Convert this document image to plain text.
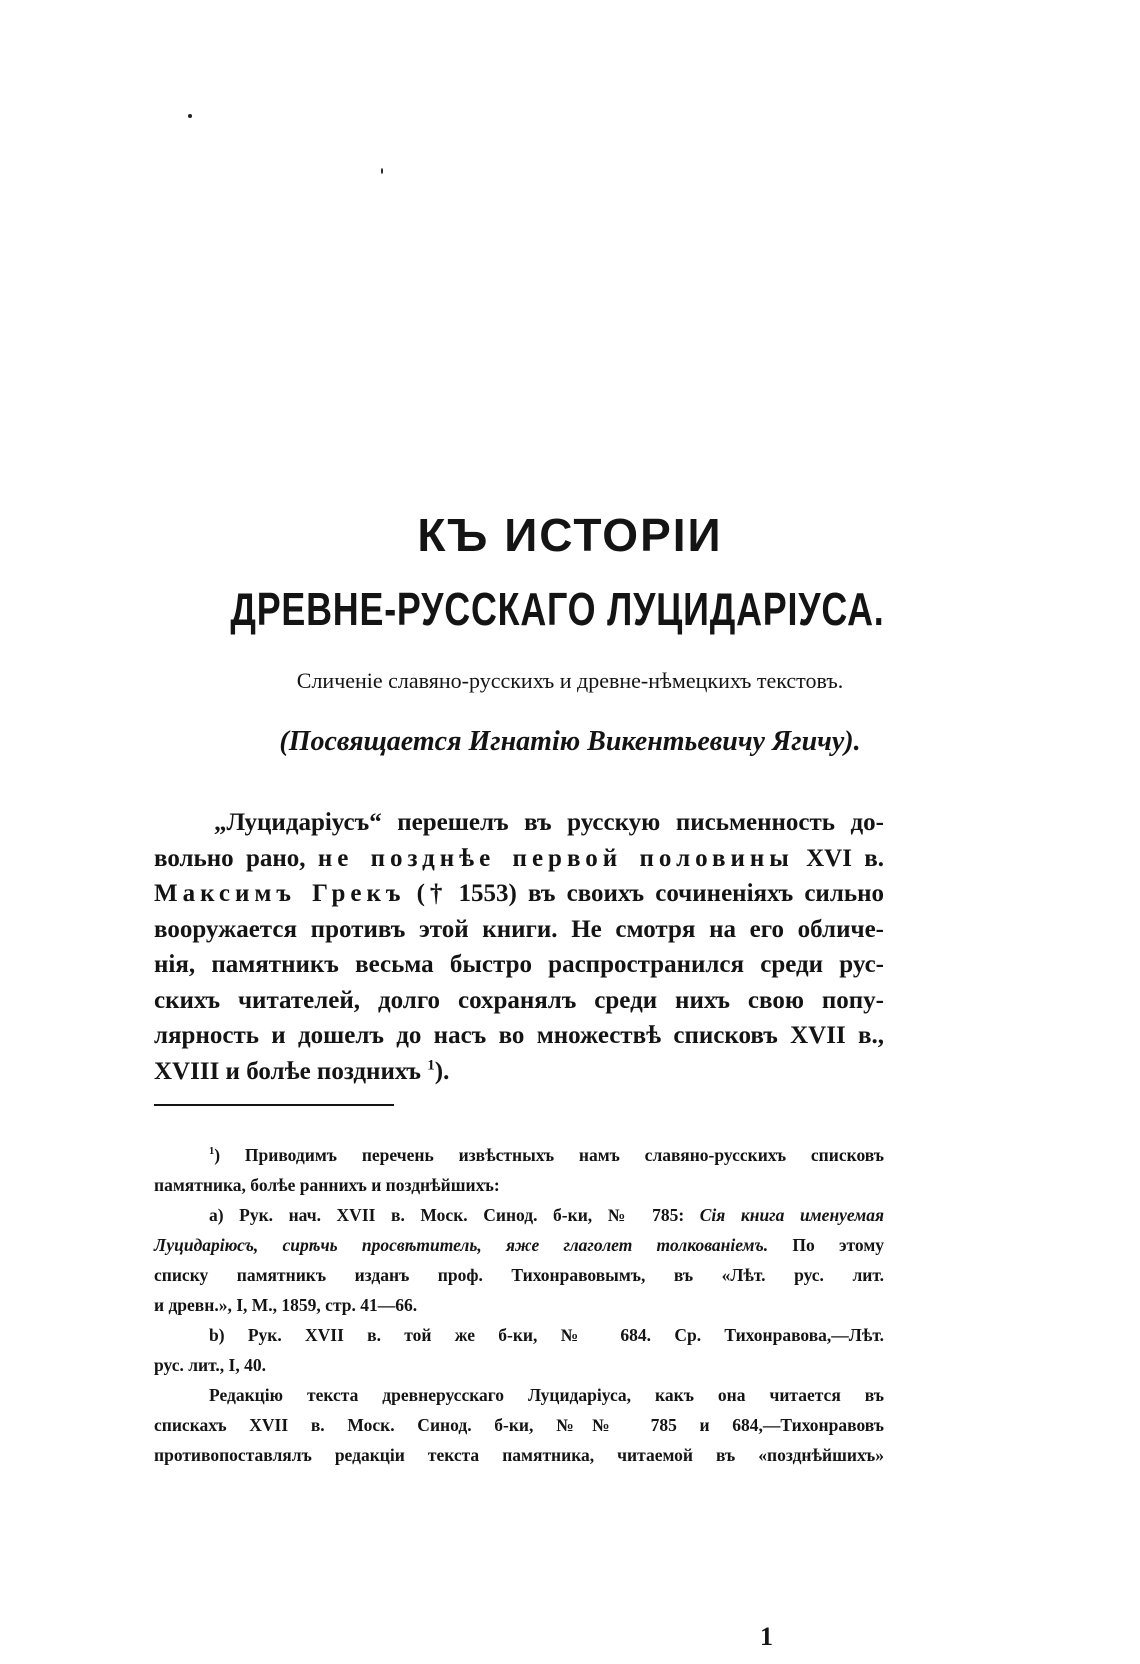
КЪ ИСТОРІИ
ДРЕВНЕ-РУССКАГО ЛУЦИДАРІУСА.

Сличеніе славяно-русскихъ и древне-нѣмецкихъ текстовъ.

(Посвящается Игнатію Викентьевичу Ягичу).

„Луцидаріусъ“ перешелъ въ русскую письменность до-
вольно рано, не позднѣе первой половины XVI в.
Максимъ Грекъ († 1553) въ своихъ сочиненіяхъ сильно
вооружается противъ этой книги. Не смотря на его обличе-
нія, памятникъ весьма быстро распространился среди рус-
скихъ читателей, долго сохранялъ среди нихъ свою попу-
лярность и дошелъ до насъ во множествѣ списковъ XVII в.,
XVIII и болѣе позднихъ $^1$).
$^1$) Приводимъ перечень извѣстныхъ намъ славяно-русскихъ списковъ
памятника, болѣе раннихъ и позднѣйшихъ:
a) Рук. нач. XVII в. Моск. Синод. б-ки, № 785: Сія книга именуемая
Луцидаріюсъ, сирѣчь просвѣтитель, яже глаголет толкованіемъ. По этому
списку памятникъ изданъ проф. Тихонравовымъ, въ «Лѣт. рус. лит.
и древн.», I, М., 1859, стр. 41—66.
b) Рук. XVII в. той же б-ки, № 684. Ср. Тихонравова,—Лѣт.
рус. лит., I, 40.
Редакцію текста древнерусскаго Луцидаріуса, какъ она читается въ
спискахъ XVII в. Моск. Синод. б-ки, №№ 785 и 684,—Тихонравовъ
противопоставлялъ редакціи текста памятника, читаемой въ «позднѣйшихъ»
1
